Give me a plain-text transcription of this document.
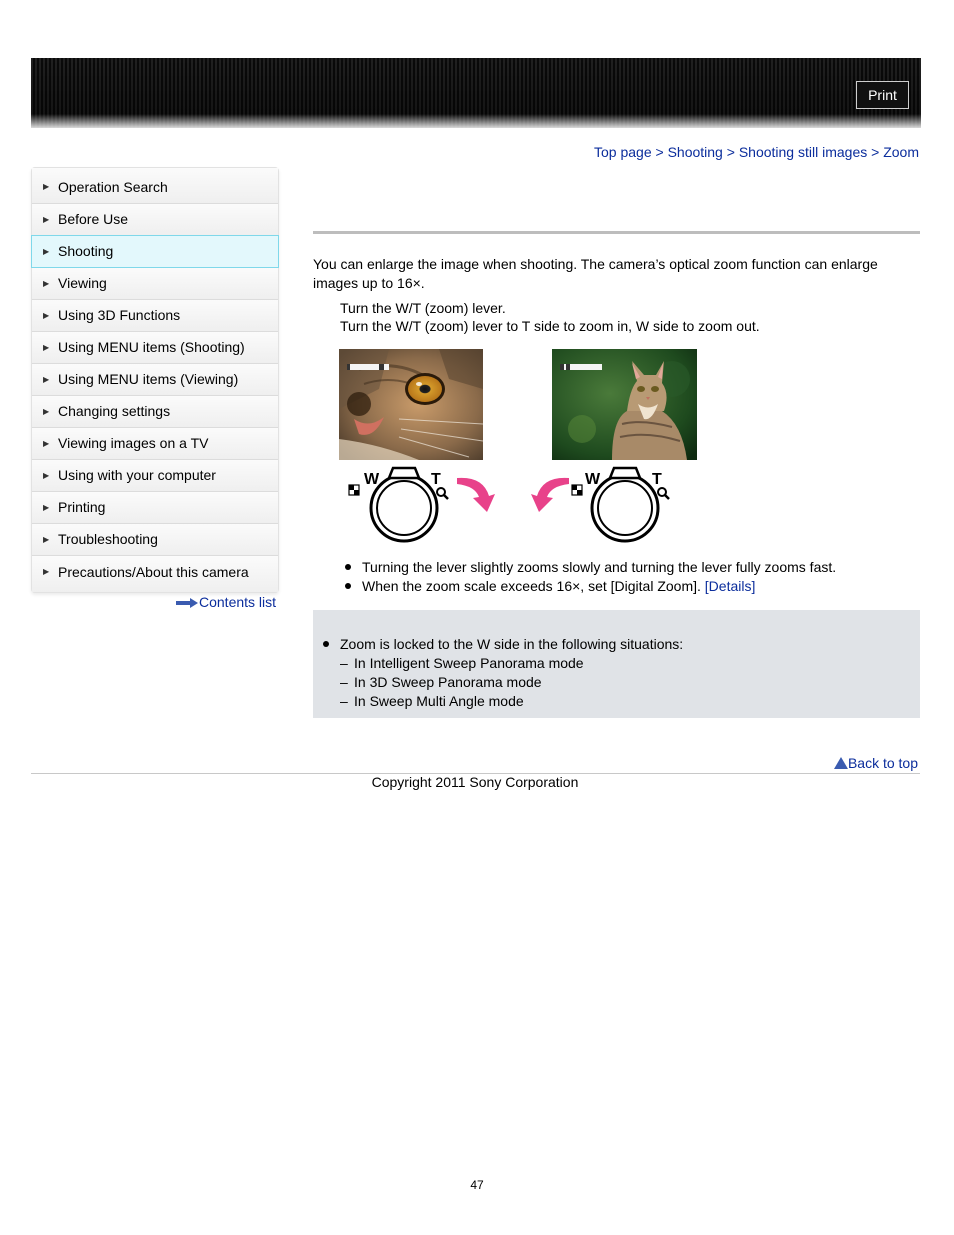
Print
Top page > Shooting > Shooting still images > Zoom
▶ Operation Search
▶ Before Use
▶ Shooting
▶ Viewing
▶ Using 3D Functions
▶ Using MENU items (Shooting)
▶ Using MENU items (Viewing)
▶ Changing settings
▶ Viewing images on a TV
▶ Using with your computer
▶ Printing
▶ Troubleshooting
▶ Precautions/About this camera
Contents list
You can enlarge the image when shooting. The camera’s optical zoom function can enlarge images up to 16×.
Turn the W/T (zoom) lever.
Turn the W/T (zoom) lever to T side to zoom in, W side to zoom out.
W	T	W	T
Turning the lever slightly zooms slowly and turning the lever fully zooms fast.
When the zoom scale exceeds 16×, set [Digital Zoom]. [Details]
Zoom is locked to the W side in the following situations:
– In Intelligent Sweep Panorama mode
– In 3D Sweep Panorama mode
– In Sweep Multi Angle mode
Back to top
Copyright 2011 Sony Corporation
47
